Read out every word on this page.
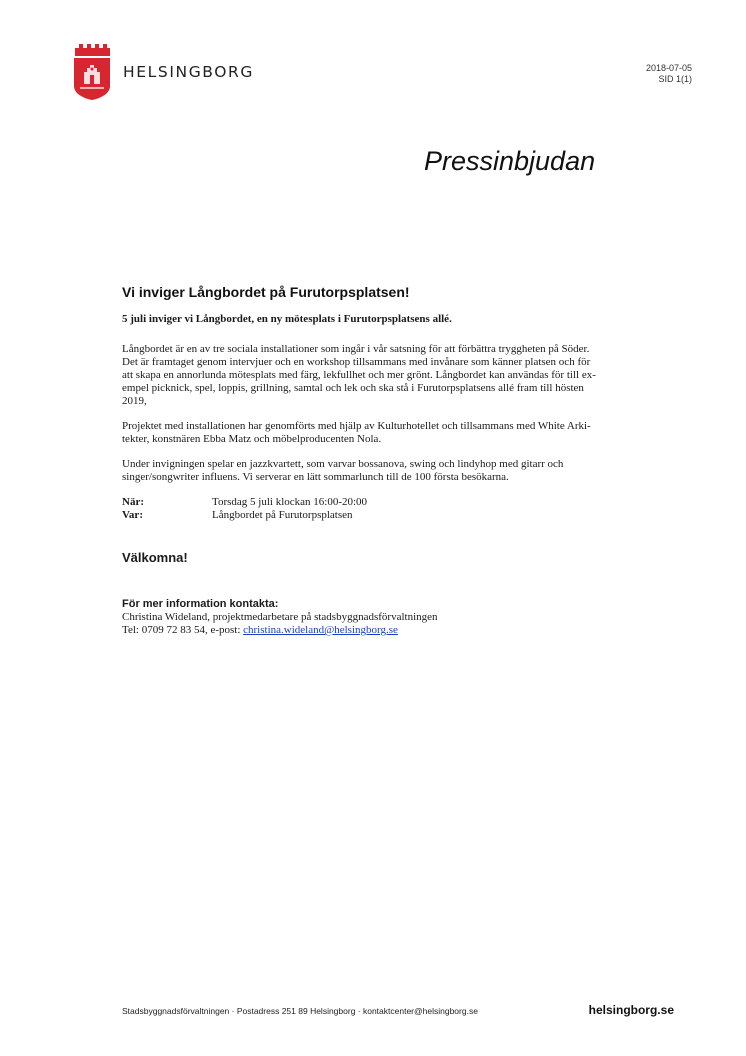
HELSINGBORG	2018-07-05
SID 1(1)
Pressinbjudan
Vi inviger Långbordet på Furutorpsplatsen!

5 juli inviger vi Långbordet, en ny mötesplats i Furutorpsplatsens allé.

Långbordet är en av tre sociala installationer som ingår i vår satsning för att förbättra tryggheten på Söder.
Det är framtaget genom intervjuer och en workshop tillsammans med invånare som känner platsen och för
att skapa en annorlunda mötesplats med färg, lekfullhet och mer grönt. Långbordet kan användas för till ex-
empel picknick, spel, loppis, grillning, samtal och lek och ska stå i Furutorpsplatsens allé fram till hösten
2019,

Projektet med installationen har genomförts med hjälp av Kulturhotellet och tillsammans med White Arki-
tekter, konstnären Ebba Matz och möbelproducenten Nola.

Under invigningen spelar en jazzkvartett, som varvar bossanova, swing och lindyhop med gitarr och
singer/songwriter influens. Vi serverar en lätt sommarlunch till de 100 första besökarna.

När:	Torsdag 5 juli klockan 16:00-20:00
Var:	Långbordet på Furutorpsplatsen
Välkomna!
För mer information kontakta:
Christina Wideland, projektmedarbetare på stadsbyggnadsförvaltningen
Tel: 0709 72 83 54, e-post: christina.wideland@helsingborg.se
Stadsbyggnadsförvaltningen · Postadress 251 89 Helsingborg · kontaktcenter@helsingborg.se	helsingborg.se
